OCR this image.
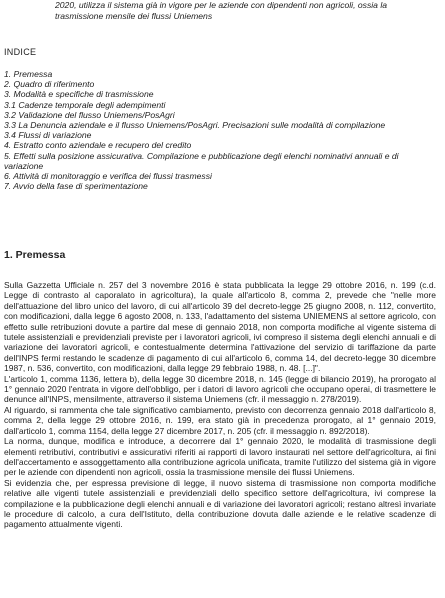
2020, utilizza il sistema già in vigore per le aziende con dipendenti non agricoli, ossia la trasmissione mensile dei flussi Uniemens
INDICE
1. Premessa
2. Quadro di riferimento
3. Modalità e specifiche di trasmissione
3.1 Cadenze temporale degli adempimenti
3.2 Validazione del flusso Uniemens/PosAgri
3.3 La Denuncia aziendale e il flusso Uniemens/PosAgri. Precisazioni sulle modalità di compilazione
3.4 Flussi di variazione
4. Estratto conto aziendale e recupero del credito
5. Effetti sulla posizione assicurativa. Compilazione e pubblicazione degli elenchi nominativi annuali e di variazione
6. Attività di monitoraggio e verifica dei flussi trasmessi
7. Avvio della fase di sperimentazione
1. Premessa

Sulla Gazzetta Ufficiale n. 257 del 3 novembre 2016 è stata pubblicata la legge 29 ottobre 2016, n. 199 (c.d. Legge di contrasto al caporalato in agricoltura), la quale all'articolo 8, comma 2, prevede che "nelle more dell'attuazione del libro unico del lavoro, di cui all'articolo 39 del decreto-legge 25 giugno 2008, n. 112, convertito, con modificazioni, dalla legge 6 agosto 2008, n. 133, l'adattamento del sistema UNIEMENS al settore agricolo, con effetto sulle retribuzioni dovute a partire dal mese di gennaio 2018, non comporta modifiche al vigente sistema di tutele assistenziali e previdenziali previste per i lavoratori agricoli, ivi compreso il sistema degli elenchi annuali e di variazione dei lavoratori agricoli, e contestualmente determina l'attivazione del servizio di tariffazione da parte dell'INPS fermi restando le scadenze di pagamento di cui all'articolo 6, comma 14, del decreto-legge 30 dicembre 1987, n. 536, convertito, con modificazioni, dalla legge 29 febbraio 1988, n. 48. [...]".

L'articolo 1, comma 1136, lettera b), della legge 30 dicembre 2018, n. 145 (legge di bilancio 2019), ha prorogato al 1° gennaio 2020 l'entrata in vigore dell'obbligo, per i datori di lavoro agricoli che occupano operai, di trasmettere le denunce all'INPS, mensilmente, attraverso il sistema Uniemens (cfr. il messaggio n. 278/2019).

Al riguardo, si rammenta che tale significativo cambiamento, previsto con decorrenza gennaio 2018 dall'articolo 8, comma 2, della legge 29 ottobre 2016, n. 199, era stato già in precedenza prorogato, al 1° gennaio 2019, dall'articolo 1, comma 1154, della legge 27 dicembre 2017, n. 205 (cfr. il messaggio n. 892/2018).

La norma, dunque, modifica e introduce, a decorrere dal 1° gennaio 2020, le modalità di trasmissione degli elementi retributivi, contributivi e assicurativi riferiti ai rapporti di lavoro instaurati nel settore dell'agricoltura, ai fini dell'accertamento e assoggettamento alla contribuzione agricola unificata, tramite l'utilizzo del sistema già in vigore per le aziende con dipendenti non agricoli, ossia la trasmissione mensile dei flussi Uniemens.

Si evidenzia che, per espressa previsione di legge, il nuovo sistema di trasmissione non comporta modifiche relative alle vigenti tutele assistenziali e previdenziali dello specifico settore dell'agricoltura, ivi comprese la compilazione e la pubblicazione degli elenchi annuali e di variazione dei lavoratori agricoli; restano altresì invariate le procedure di calcolo, a cura dell'Istituto, della contribuzione dovuta dalle aziende e le relative scadenze di pagamento attualmente vigenti.
